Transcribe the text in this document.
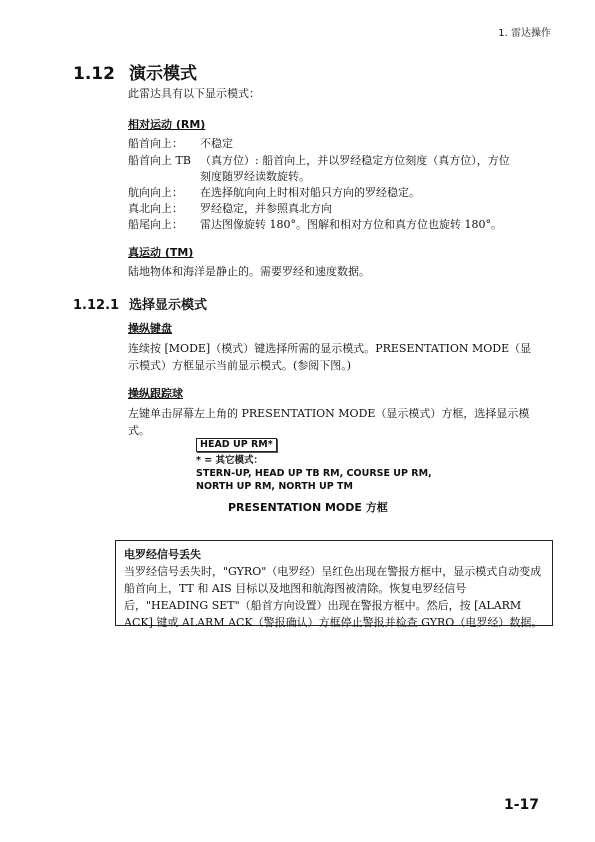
1. 雷达操作
1.12 演示模式
此雷达具有以下显示模式：
相对运动 (RM)
船首向上： 不稳定
船首向上 TB （真方位）: 船首向上，并以罗经稳定方位刻度（真方位），方位
刻度随罗经读数旋转。
航向向上： 在选择航向向上时相对船只方向的罗经稳定。
真北向上： 罗经稳定，并参照真北方向
船尾向上： 雷达图像旋转 180°。图解和相对方位和真方位也旋转 180°。
真运动 (TM)
陆地物体和海洋是静止的。需要罗经和速度数据。
1.12.1 选择显示模式
操纵键盘
连续按 [MODE]（模式）键选择所需的显示模式。PRESENTATION MODE（显示模式）方框显示当前显示模式。(参阅下图。)
操纵跟踪球
左键单击屏幕左上角的 PRESENTATION MODE（显示模式）方框，选择显示模式。
HEAD UP RM*
* = 其它模式：
STERN-UP, HEAD UP TB RM, COURSE UP RM,
NORTH UP RM, NORTH UP TM
PRESENTATION MODE 方框
电罗经信号丢失
当罗经信号丢失时，"GYRO"（电罗经）呈红色出现在警报方框中，显示模式自动变成船首向上，TT 和 AIS 目标以及地图和航海图被清除。恢复电罗经信号后，"HEADING SET"（船首方向设置）出现在警报方框中。然后，按 [ALARM ACK] 键或 ALARM ACK（警报确认）方框停止警报并检查 GYRO（电罗经）数据。
1-17
